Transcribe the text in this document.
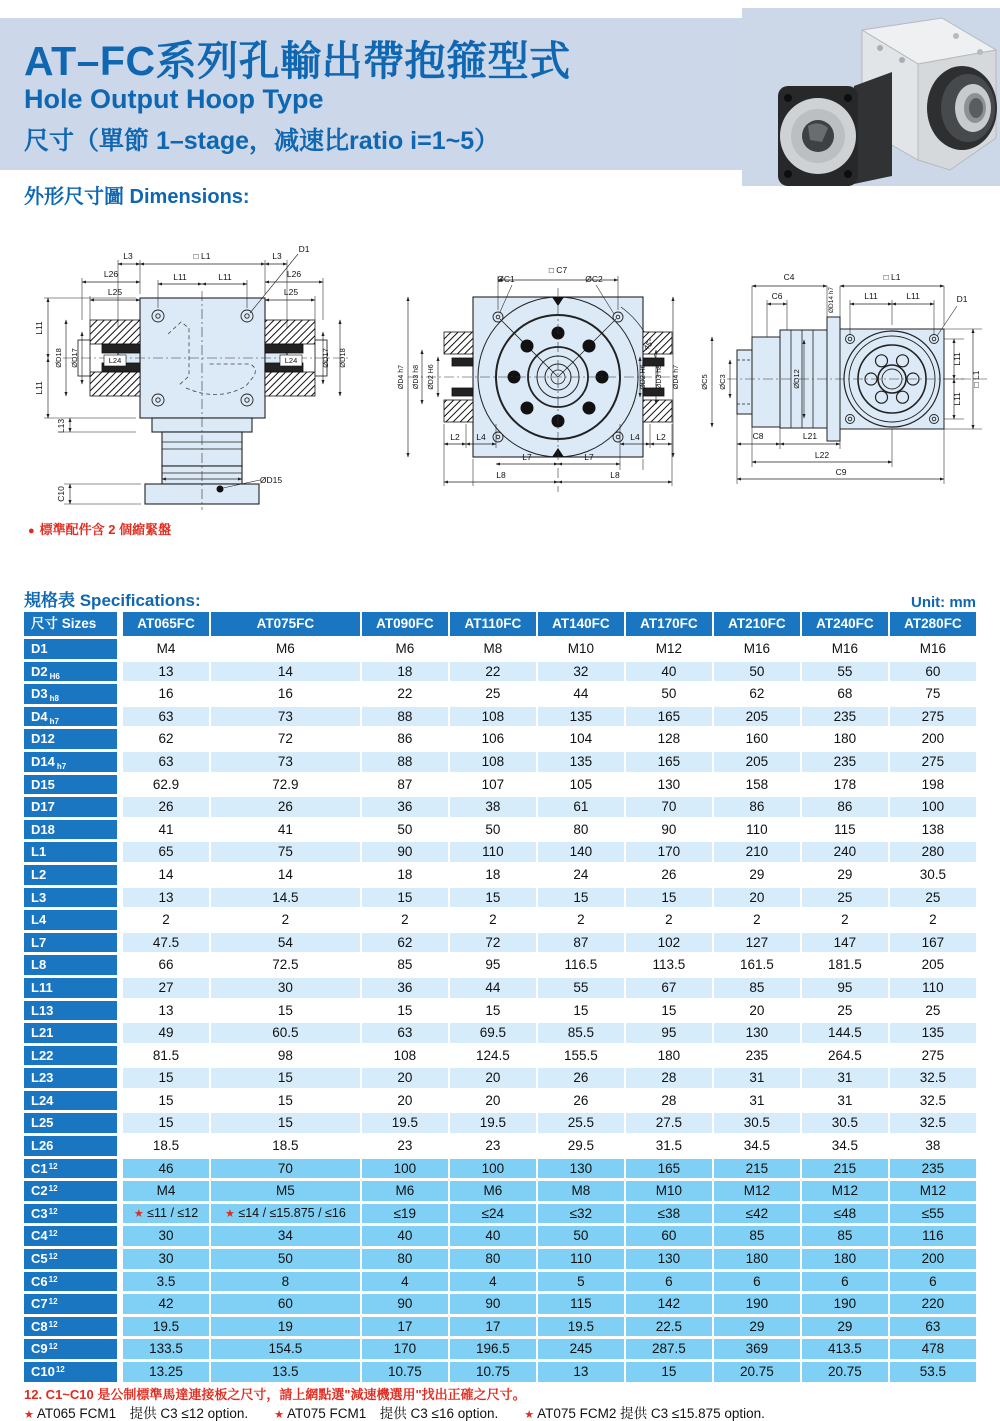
AT–FC系列孔輸出帶抱箍型式
Hole Output Hoop Type
尺寸（單節 1–stage，减速比ratio i=1~5）
外形尺寸圖 Dimensions:
L3	□ L1	L3
D1
L11	L11
L26
L25
L26
L25
L24	L24
L11
L11
ØD18 ØD17	ØD17 ØD18
L13
C10
ØD15
□ C7
ØC1	ØC2
45°
ØD4 h7 ØD3 h8 ØD2 H6	ØD2 H6 ØD3 h8 ØD4 h7
L2 L4	L4 L2
L7	L7
L8	L8
C4
C6
□ L1
L11	L11	D1
ØD14 h7
ØD12
ØC5 ØC3
L11
L11
□ L1
C8	L21
L22
C9
● 標準配件含 2 個縮緊盤
規格表 Specifications:	Unit: mm
尺寸 Sizes	AT065FC	AT075FC	AT090FC	AT110FC	AT140FC	AT170FC	AT210FC	AT240FC	AT280FC
D1	M4	M6	M6	M8	M10	M12	M16	M16	M16
D2 $_{H6}$	13	14	18	22	32	40	50	55	60
D3 $_{h8}$	16	16	22	25	44	50	62	68	75
D4 $_{h7}$	63	73	88	108	135	165	205	235	275
D12	62	72	86	106	104	128	160	180	200
D14 $_{h7}$	63	73	88	108	135	165	205	235	275
D15	62.9	72.9	87	107	105	130	158	178	198
D17	26	26	36	38	61	70	86	86	100
D18	41	41	50	50	80	90	110	115	138
L1	65	75	90	110	140	170	210	240	280
L2	14	14	18	18	24	26	29	29	30.5
L3	13	14.5	15	15	15	15	20	25	25
L4	2	2	2	2	2	2	2	2	2
L7	47.5	54	62	72	87	102	127	147	167
L8	66	72.5	85	95	116.5	113.5	161.5	181.5	205
L11	27	30	36	44	55	67	85	95	110
L13	13	15	15	15	15	15	20	25	25
L21	49	60.5	63	69.5	85.5	95	130	144.5	135
L22	81.5	98	108	124.5	155.5	180	235	264.5	275
L23	15	15	20	20	26	28	31	31	32.5
L24	15	15	20	20	26	28	31	31	32.5
L25	15	15	19.5	19.5	25.5	27.5	30.5	30.5	32.5
L26	18.5	18.5	23	23	29.5	31.5	34.5	34.5	38
$C1^{12}$	46	70	100	100	130	165	215	215	235
$C2^{12}$	M4	M5	M6	M6	M8	M10	M12	M12	M12
$C3^{12}$	★ ≤11 / ≤12	★ ≤14 / ≤15.875 / ≤16	≤19	≤24	≤32	≤38	≤42	≤48	≤55
$C4^{12}$	30	34	40	40	50	60	85	85	116
$C5^{12}$	30	50	80	80	110	130	180	180	200
$C6^{12}$	3.5	8	4	4	5	6	6	6	6
$C7^{12}$	42	60	90	90	115	142	190	190	220
$C8^{12}$	19.5	19	17	17	19.5	22.5	29	29	63
$C9^{12}$	133.5	154.5	170	196.5	245	287.5	369	413.5	478
$C10^{12}$	13.25	13.5	10.75	10.75	13	15	20.75	20.75	53.5
12. C1~C10 是公制標準馬達連接板之尺寸，請上網點選"減速機選用"找出正確之尺寸。
★ AT065 FCM1　提供 C3 ≤12 option. ★ AT075 FCM1　提供 C3 ≤16 option. ★ AT075 FCM2 提供 C3 ≤15.875 option.
